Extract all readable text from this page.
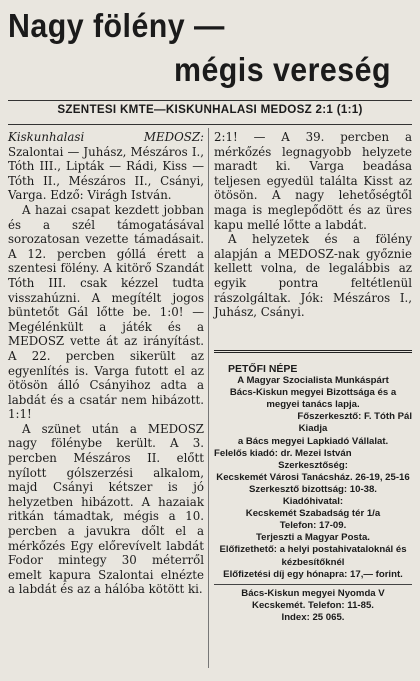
Nagy fölény —
mégis vereség
SZENTESI KMTE—KISKUNHALASI MEDOSZ 2:1 (1:1)

Kiskunhalasi MEDOSZ: Szalontai — Juhász, Mészáros I., Tóth III., Lipták — Rádi, Kiss — Tóth II., Mészáros II., Csányi, Varga. Edző: Virágh István.

A hazai csapat kezdett jobban és a szél támogatásával sorozatosan vezette támadásait. A 12. percben góllá érett a szentesi fölény. A kitörő Szandát Tóth III. csak kézzel tudta visszahúzni. A megítélt jogos büntetőt Gál lőtte be. 1:0! — Megélénkült a játék és a MEDOSZ vette át az irányítást. A 22. percben sikerült az egyenlítés is. Varga futott el az ötösön álló Csányihoz adta a labdát és a csatár nem hibázott. 1:1!

A szünet után a MEDOSZ nagy fölénybe került. A 3. percben Mészáros II. előtt nyílott gólszerzési alkalom, majd Csányi kétszer is jó helyzetben hibázott. A hazaiak ritkán támadtak, mégis a 10. percben a javukra dőlt el a mérkőzés Egy előrevívelt labdát Fodor mintegy 30 méterről emelt kapura Szalontai elnézte a labdát és az a hálóba kötött ki.

2:1! — A 39. percben a mérkőzés legnagyobb helyzete maradt ki. Varga beadása teljesen egyedül találta Kisst az ötösön. A nagy lehetőségtől maga is meglepődött és az üres kapu mellé lőtte a labdát.

A helyzetek és a fölény alapján a MEDOSZ-nak győznie kellett volna, de legalábbis az egyik pontra feltétlenül rászolgáltak. Jók: Mészáros I., Juhász, Csányi.

PETŐFI NÉPE
A Magyar Szocialista Munkáspárt
Bács-Kiskun megyei Bizottsága és a megyei tanács lapja.
Főszerkesztő: F. Tóth Pál
Kiadja
a Bács megyei Lapkiadó Vállalat.
Felelős kiadó: dr. Mezei István
Szerkesztőség:
Kecskemét Városi Tanácsház. 26-19, 25-16
Szerkesztő bizottság: 10-38.
Kiadóhivatal:
Kecskemét Szabadság tér 1/a
Telefon: 17-09.
Terjeszti a Magyar Posta.
Előfizethető: a helyi postahivataloknál és kézbesítőknél
Előfizetési díj egy hónapra: 17,— forint.
Bács-Kiskun megyei Nyomda V Kecskemét. Telefon: 11-85.
Index: 25 065.
